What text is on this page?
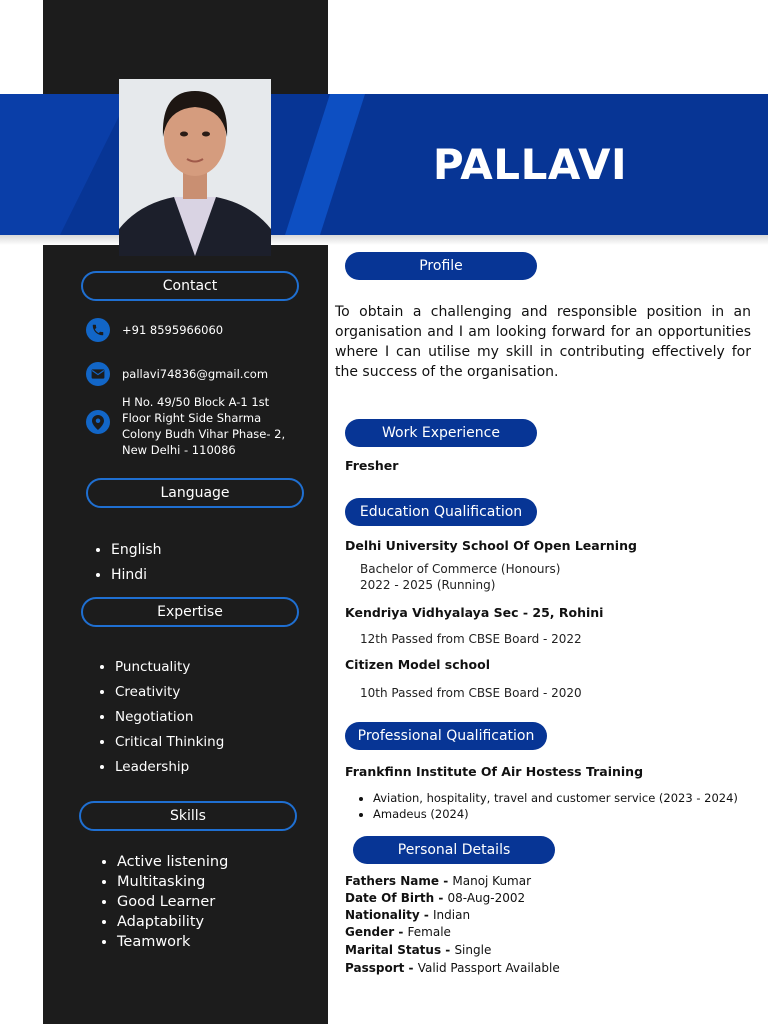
PALLAVI
Contact
+91 8595966060
pallavi74836@gmail.com
H No. 49/50 Block A-1 1st
Floor Right Side Sharma
Colony Budh Vihar Phase- 2,
New Delhi - 110086
Language
• English
• Hindi
Expertise
• Punctuality
• Creativity
• Negotiation
• Critical Thinking
• Leadership
Skills
• Active listening
• Multitasking
• Good Learner
• Adaptability
• Teamwork
Profile
To obtain a challenging and responsible position in an organisation and I am looking forward for an opportunities where I can utilise my skill in contributing effectively for the success of the organisation.
Work Experience
Fresher
Education Qualification
Delhi University School Of Open Learning
Bachelor of Commerce (Honours)
2022 - 2025 (Running)
Kendriya Vidhyalaya Sec - 25, Rohini
12th Passed from CBSE Board - 2022
Citizen Model school
10th Passed from CBSE Board - 2020
Professional Qualification
Frankfinn Institute Of Air Hostess Training
• Aviation, hospitality, travel and customer service (2023 - 2024)
• Amadeus (2024)
Personal Details
Fathers Name - Manoj Kumar
Date Of Birth - 08-Aug-2002
Nationality - Indian
Gender - Female
Marital Status - Single
Passport - Valid Passport Available
